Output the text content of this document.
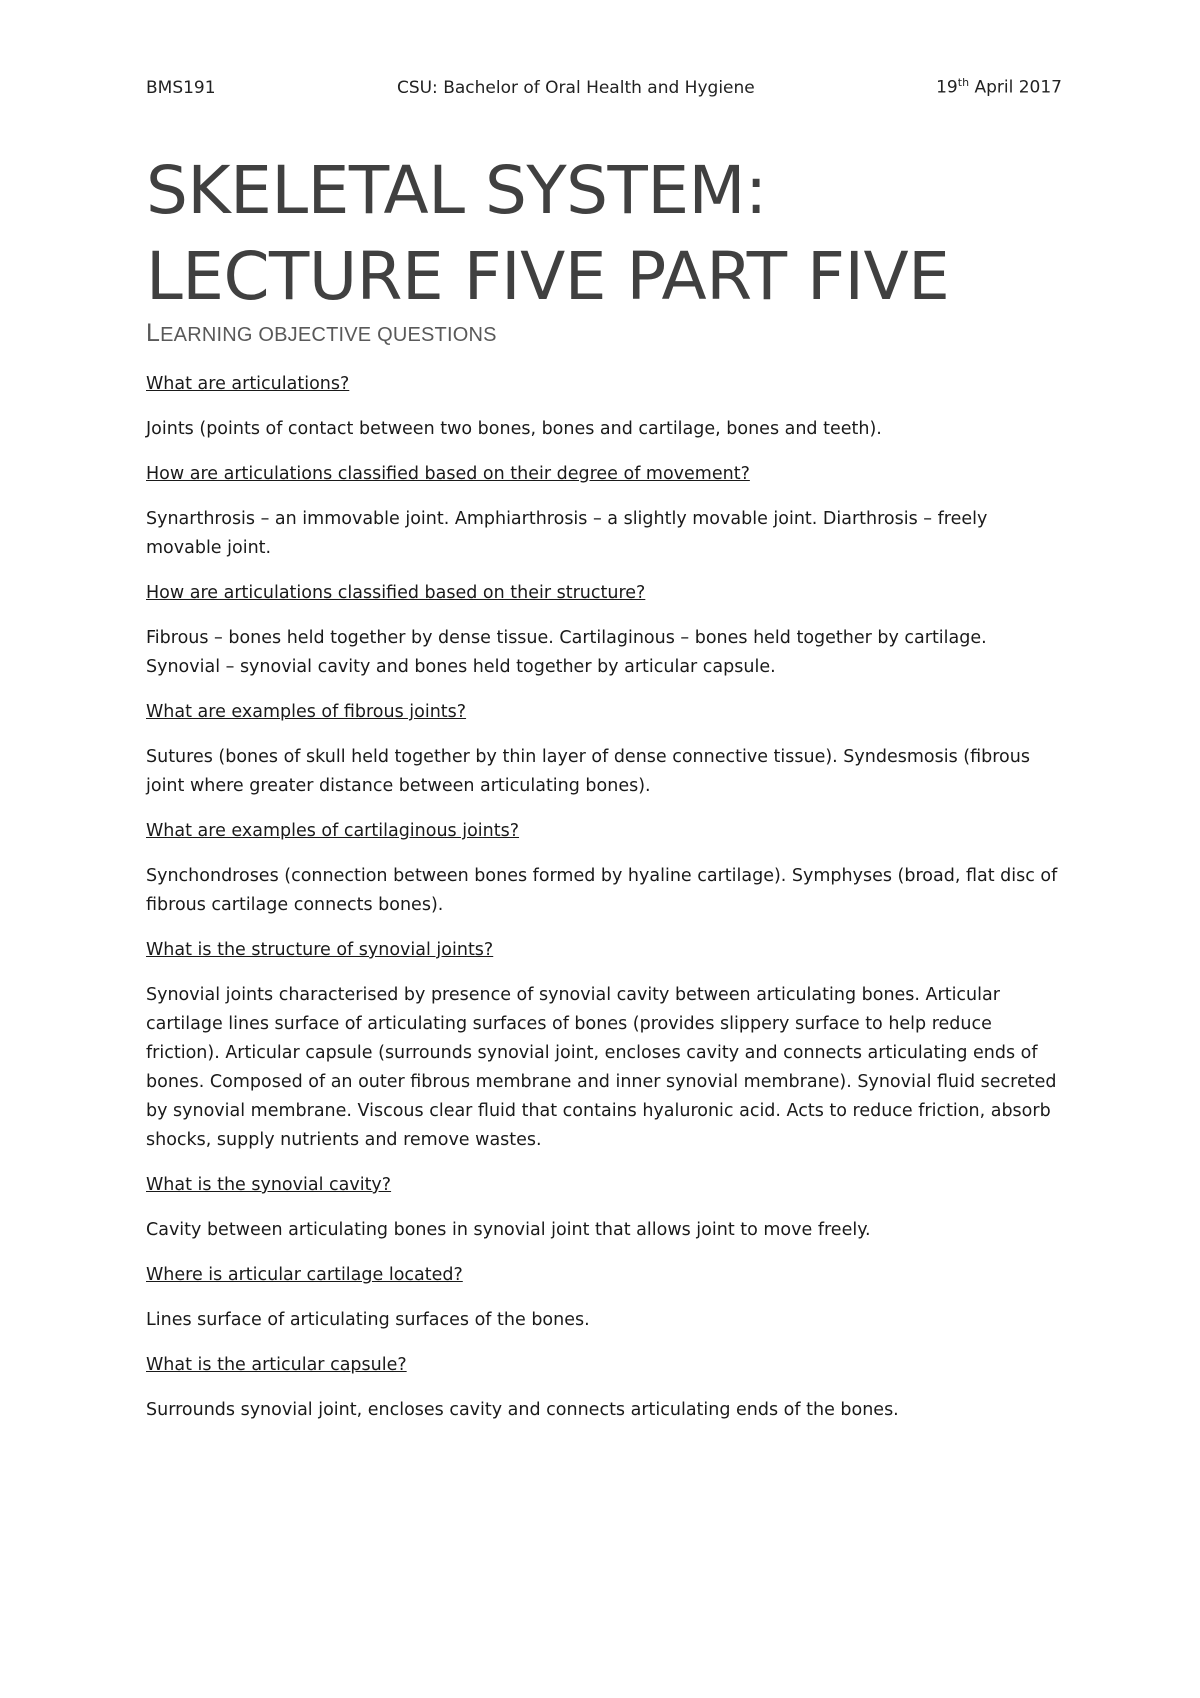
BMS191	CSU: Bachelor of Oral Health and Hygiene	19th April 2017
SKELETAL SYSTEM:
LECTURE FIVE PART FIVE
LEARNING OBJECTIVE QUESTIONS

What are articulations?

Joints (points of contact between two bones, bones and cartilage, bones and teeth).

How are articulations classified based on their degree of movement?

Synarthrosis – an immovable joint. Amphiarthrosis – a slightly movable joint. Diarthrosis – freely movable joint.

How are articulations classified based on their structure?

Fibrous – bones held together by dense tissue. Cartilaginous – bones held together by cartilage. Synovial – synovial cavity and bones held together by articular capsule.

What are examples of fibrous joints?

Sutures (bones of skull held together by thin layer of dense connective tissue). Syndesmosis (fibrous joint where greater distance between articulating bones).

What are examples of cartilaginous joints?

Synchondroses (connection between bones formed by hyaline cartilage). Symphyses (broad, flat disc of fibrous cartilage connects bones).

What is the structure of synovial joints?

Synovial joints characterised by presence of synovial cavity between articulating bones. Articular cartilage lines surface of articulating surfaces of bones (provides slippery surface to help reduce friction). Articular capsule (surrounds synovial joint, encloses cavity and connects articulating ends of bones. Composed of an outer fibrous membrane and inner synovial membrane). Synovial fluid secreted by synovial membrane. Viscous clear fluid that contains hyaluronic acid. Acts to reduce friction, absorb shocks, supply nutrients and remove wastes.

What is the synovial cavity?

Cavity between articulating bones in synovial joint that allows joint to move freely.

Where is articular cartilage located?

Lines surface of articulating surfaces of the bones.

What is the articular capsule?

Surrounds synovial joint, encloses cavity and connects articulating ends of the bones.
